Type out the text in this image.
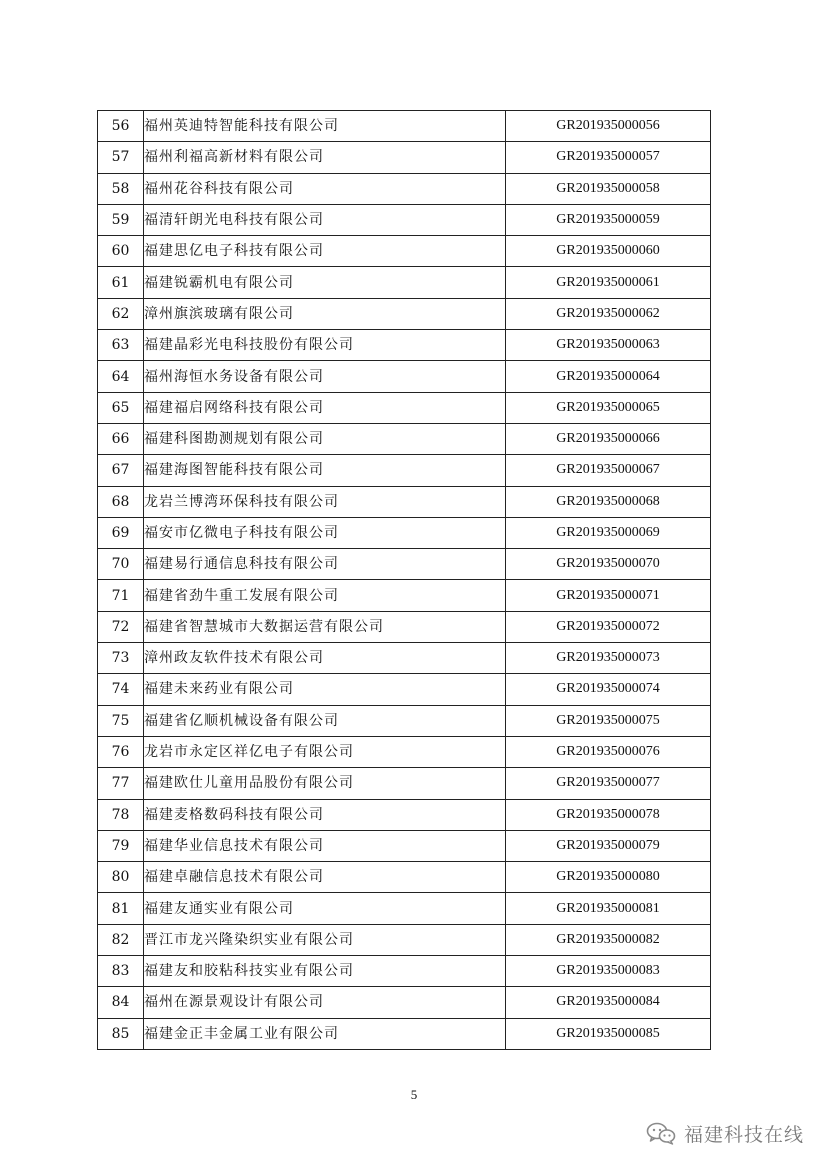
56	福州英迪特智能科技有限公司	GR201935000056
57	福州利福高新材料有限公司	GR201935000057
58	福州花谷科技有限公司	GR201935000058
59	福清轩朗光电科技有限公司	GR201935000059
60	福建思亿电子科技有限公司	GR201935000060
61	福建锐霸机电有限公司	GR201935000061
62	漳州旗滨玻璃有限公司	GR201935000062
63	福建晶彩光电科技股份有限公司	GR201935000063
64	福州海恒水务设备有限公司	GR201935000064
65	福建福启网络科技有限公司	GR201935000065
66	福建科图勘测规划有限公司	GR201935000066
67	福建海图智能科技有限公司	GR201935000067
68	龙岩兰博湾环保科技有限公司	GR201935000068
69	福安市亿微电子科技有限公司	GR201935000069
70	福建易行通信息科技有限公司	GR201935000070
71	福建省劲牛重工发展有限公司	GR201935000071
72	福建省智慧城市大数据运营有限公司	GR201935000072
73	漳州政友软件技术有限公司	GR201935000073
74	福建未来药业有限公司	GR201935000074
75	福建省亿顺机械设备有限公司	GR201935000075
76	龙岩市永定区祥亿电子有限公司	GR201935000076
77	福建欧仕儿童用品股份有限公司	GR201935000077
78	福建麦格数码科技有限公司	GR201935000078
79	福建华业信息技术有限公司	GR201935000079
80	福建卓融信息技术有限公司	GR201935000080
81	福建友通实业有限公司	GR201935000081
82	晋江市龙兴隆染织实业有限公司	GR201935000082
83	福建友和胶粘科技实业有限公司	GR201935000083
84	福州在源景观设计有限公司	GR201935000084
85	福建金正丰金属工业有限公司	GR201935000085
5
福建科技在线
